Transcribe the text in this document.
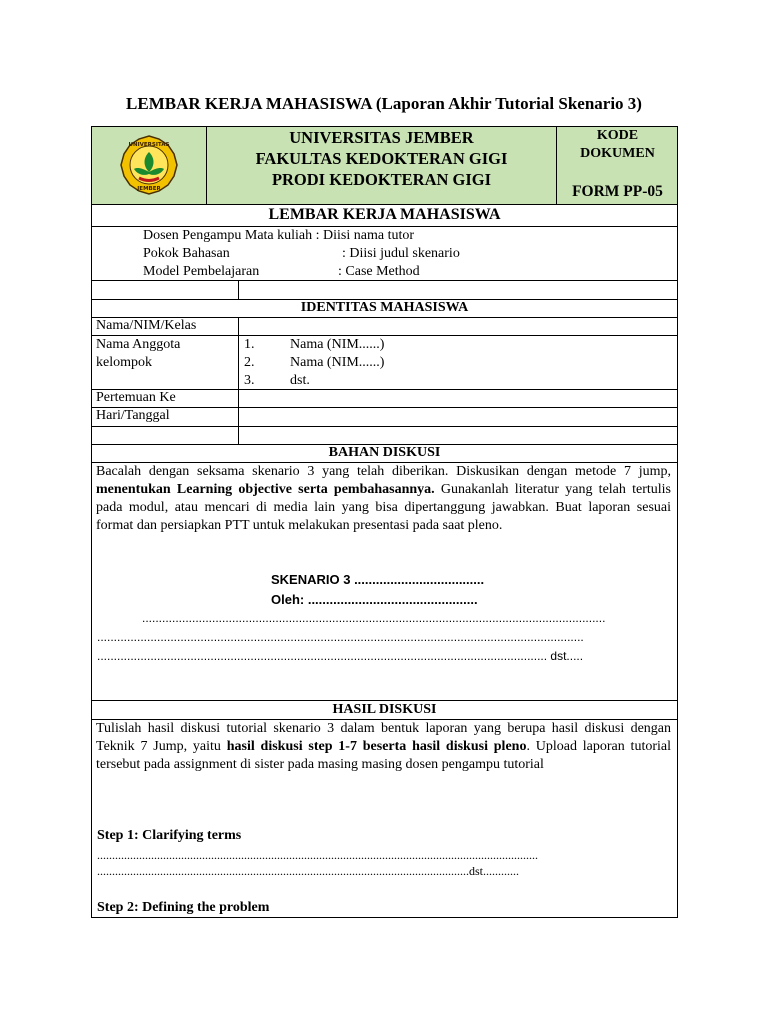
LEMBAR KERJA MAHASISWA (Laporan Akhir Tutorial Skenario 3)
UNIVERSITAS
JEMBER
UNIVERSITAS JEMBER
FAKULTAS KEDOKTERAN GIGI
PRODI KEDOKTERAN GIGI
KODE
DOKUMEN
FORM PP-05
LEMBAR KERJA MAHASISWA
Dosen Pengampu Mata kuliah : Diisi nama tutor
Pokok Bahasan	: Diisi judul skenario
Model Pembelajaran	: Case Method
IDENTITAS MAHASISWA
Nama/NIM/Kelas
Nama Anggota
kelompok
1.	Nama (NIM......)
2.	Nama (NIM......)
3.	dst.
Pertemuan Ke
Hari/Tanggal
BAHAN DISKUSI
Bacalah dengan seksama skenario 3 yang telah diberikan. Diskusikan dengan metode 7 jump, menentukan Learning objective serta pembahasannya. Gunakanlah literatur yang telah tertulis pada modul, atau mencari di media lain yang bisa dipertanggung jawabkan. Buat laporan sesuai format dan persiapkan PTT untuk melakukan presentasi pada saat pleno.
SKENARIO 3 ....................................
Oleh: ...............................................
...........................................................................................................................................
..................................................................................................................................................
....................................................................................................................................... dst.....
HASIL DISKUSI
Tulislah hasil diskusi tutorial skenario 3 dalam bentuk laporan yang berupa hasil diskusi dengan Teknik 7 Jump, yaitu hasil diskusi step 1-7 beserta hasil diskusi pleno. Upload laporan tutorial tersebut pada assignment di sister pada masing masing dosen pengampu tutorial
Step 1: Clarifying terms
...................................................................................................................................................
............................................................................................................................dst............
Step 2: Defining the problem
